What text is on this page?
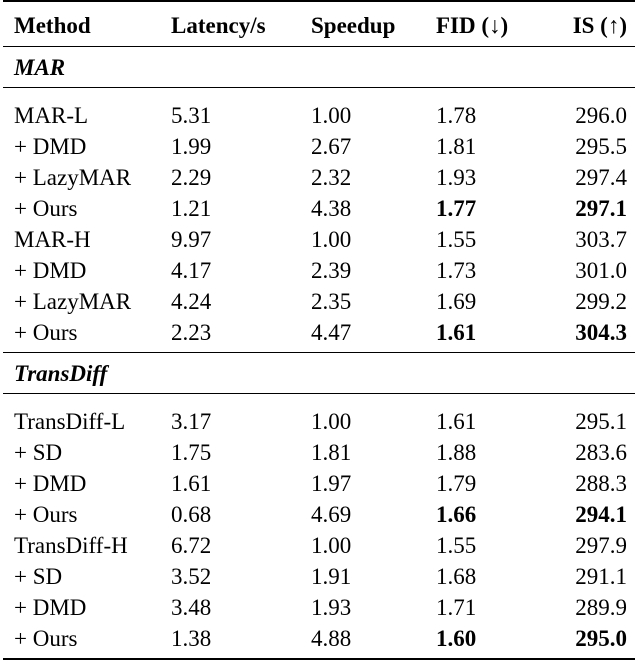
Method	Latency/s	Speedup	FID (↓)	IS (↑)
MAR				
MAR-L	5.31	1.00	1.78	296.0
+ DMD	1.99	2.67	1.81	295.5
+ LazyMAR	2.29	2.32	1.93	297.4
+ Ours	1.21	4.38	1.77	297.1
MAR-H	9.97	1.00	1.55	303.7
+ DMD	4.17	2.39	1.73	301.0
+ LazyMAR	4.24	2.35	1.69	299.2
+ Ours	2.23	4.47	1.61	304.3
TransDiff				
TransDiff-L	3.17	1.00	1.61	295.1
+ SD	1.75	1.81	1.88	283.6
+ DMD	1.61	1.97	1.79	288.3
+ Ours	0.68	4.69	1.66	294.1
TransDiff-H	6.72	1.00	1.55	297.9
+ SD	3.52	1.91	1.68	291.1
+ DMD	3.48	1.93	1.71	289.9
+ Ours	1.38	4.88	1.60	295.0
